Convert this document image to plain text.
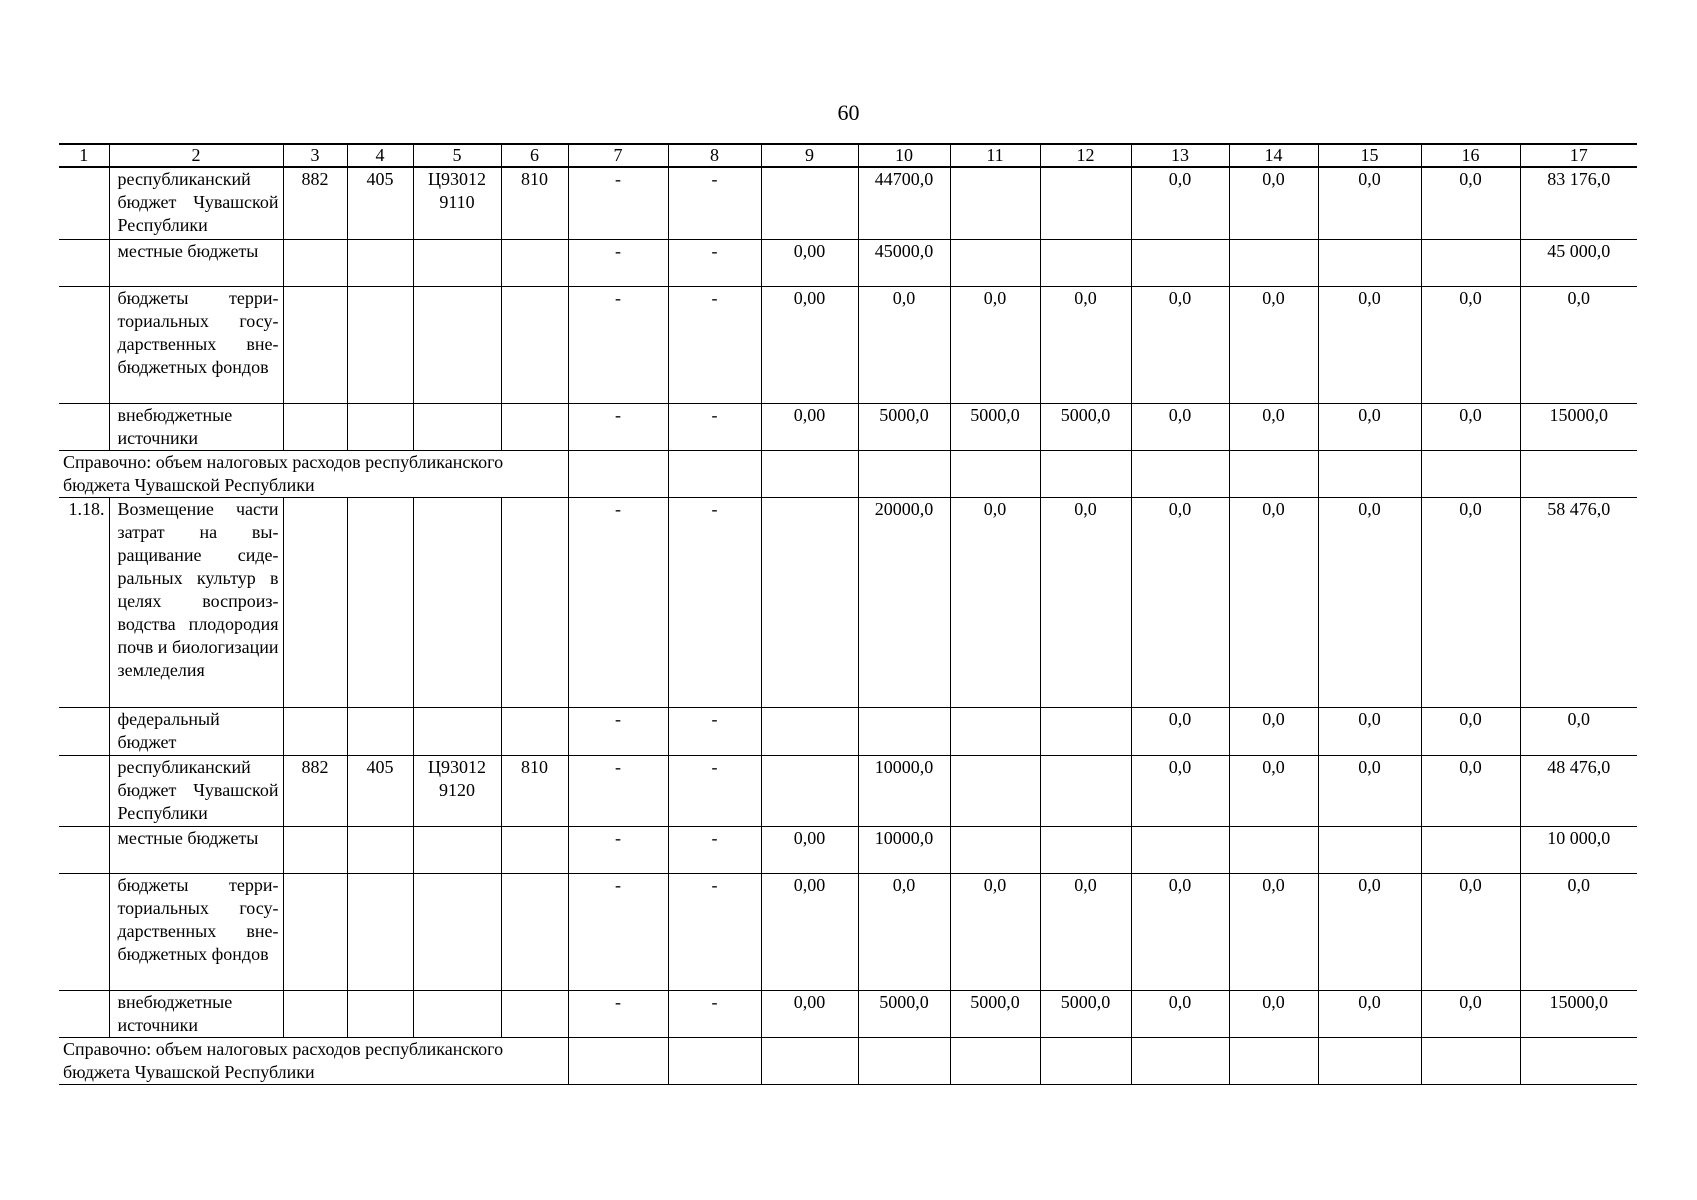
60
1	2	3	4	5	6	7	8	9	10	11	12	13	14	15	16	17
	республиканский бюджет Чувашской Республики	882	405	Ц93012 9110	810	-	-		44700,0			0,0	0,0	0,0	0,0	83 176,0
	местные бюджеты					-	-	0,00	45000,0							45 000,0
	бюджеты территориальных государственных внебюджетных фондов					-	-	0,00	0,0	0,0	0,0	0,0	0,0	0,0	0,0	0,0
	внебюджетные источники					-	-	0,00	5000,0	5000,0	5000,0	0,0	0,0	0,0	0,0	15000,0
Справочно: объем налоговых расходов республиканского бюджета Чувашской Республики																
1.18.	Возмещение части затрат на выращивание сидеральных культур в целях воспроизводства плодородия почв и биологизации земледелия					-	-		20000,0	0,0	0,0	0,0	0,0	0,0	0,0	58 476,0
	федеральный бюджет					-	-					0,0	0,0	0,0	0,0	0,0
	республиканский бюджет Чувашской Республики	882	405	Ц93012 9120	810	-	-		10000,0			0,0	0,0	0,0	0,0	48 476,0
	местные бюджеты					-	-	0,00	10000,0							10 000,0
	бюджеты территориальных государственных внебюджетных фондов					-	-	0,00	0,0	0,0	0,0	0,0	0,0	0,0	0,0	0,0
	внебюджетные источники					-	-	0,00	5000,0	5000,0	5000,0	0,0	0,0	0,0	0,0	15000,0
Справочно: объем налоговых расходов республиканского бюджета Чувашской Республики																
